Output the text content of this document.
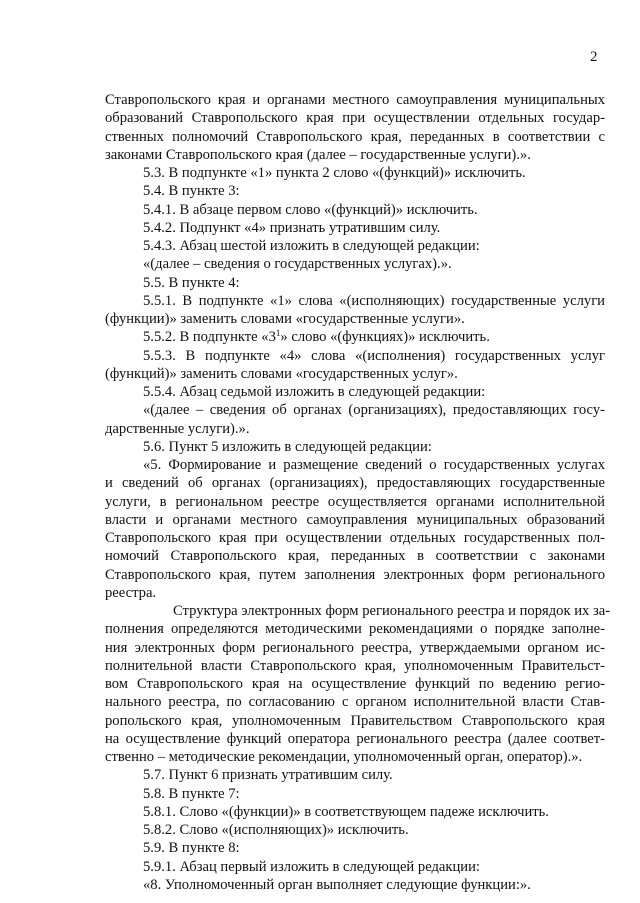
2
Ставропольского края и органами местного самоуправления муниципальных
образований Ставропольского края при осуществлении отдельных государ-
ственных полномочий Ставропольского края, переданных в соответствии с
законами Ставропольского края (далее – государственные услуги).».
5.3. В подпункте «1» пункта 2 слово «(функций)» исключить.
5.4. В пункте 3:
5.4.1. В абзаце первом слово «(функций)» исключить.
5.4.2. Подпункт «4» признать утратившим силу.
5.4.3. Абзац шестой изложить в следующей редакции:
«(далее – сведения о государственных услугах).».
5.5. В пункте 4:
5.5.1. В подпункте «1» слова «(исполняющих) государственные услуги
(функции)» заменить словами «государственные услуги».
5.5.2. В подпункте «$3^1$» слово «(функциях)» исключить.
5.5.3. В подпункте «4» слова «(исполнения) государственных услуг
(функций)» заменить словами «государственных услуг».
5.5.4. Абзац седьмой изложить в следующей редакции:
«(далее – сведения об органах (организациях), предоставляющих госу-
дарственные услуги).».
5.6. Пункт 5 изложить в следующей редакции:
«5. Формирование и размещение сведений о государственных услугах
и сведений об органах (организациях), предоставляющих государственные
услуги, в региональном реестре осуществляется органами исполнительной
власти и органами местного самоуправления муниципальных образований
Ставропольского края при осуществлении отдельных государственных пол-
номочий Ставропольского края, переданных в соответствии с законами
Ставропольского края, путем заполнения электронных форм регионального
реестра.
Структура электронных форм регионального реестра и порядок их за-
полнения определяются методическими рекомендациями о порядке заполне-
ния электронных форм регионального реестра, утверждаемыми органом ис-
полнительной власти Ставропольского края, уполномоченным Правительст-
вом Ставропольского края на осуществление функций по ведению регио-
нального реестра, по согласованию с органом исполнительной власти Став-
ропольского края, уполномоченным Правительством Ставропольского края
на осуществление функций оператора регионального реестра (далее соответ-
ственно – методические рекомендации, уполномоченный орган, оператор).».
5.7. Пункт 6 признать утратившим силу.
5.8. В пункте 7:
5.8.1. Слово «(функции)» в соответствующем падеже исключить.
5.8.2. Слово «(исполняющих)» исключить.
5.9. В пункте 8:
5.9.1. Абзац первый изложить в следующей редакции:
«8. Уполномоченный орган выполняет следующие функции:».
